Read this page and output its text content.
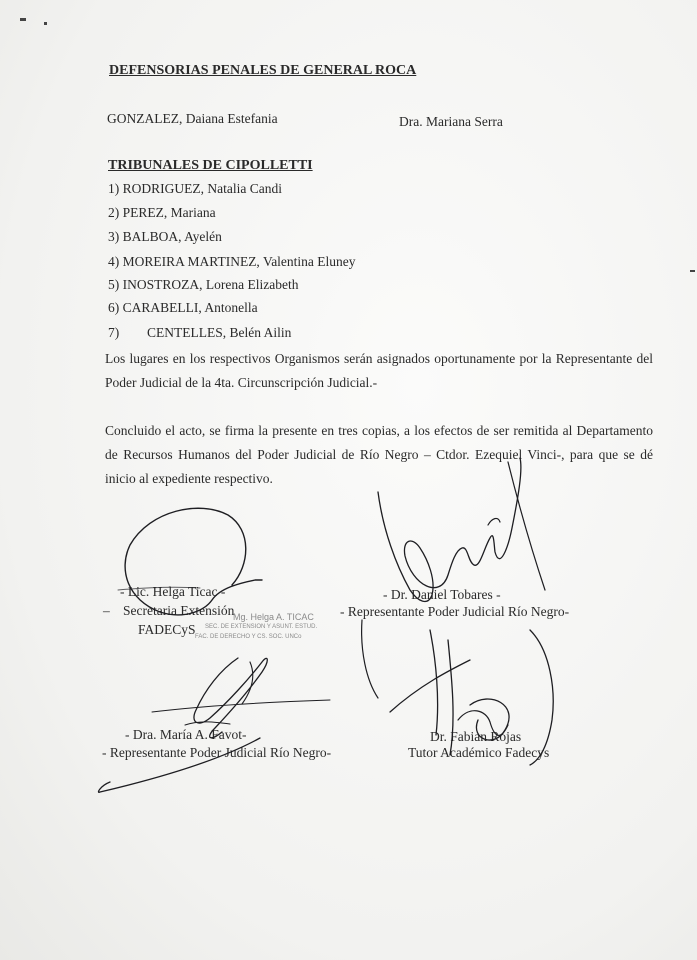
DEFENSORIAS PENALES DE GENERAL ROCA
GONZALEZ, Daiana Estefania	Dra. Mariana Serra
TRIBUNALES DE CIPOLLETTI
1) RODRIGUEZ, Natalia Candi
2) PEREZ, Mariana
3) BALBOA, Ayelén
4) MOREIRA MARTINEZ, Valentina Eluney
5) INOSTROZA, Lorena Elizabeth
6) CARABELLI, Antonella
7) CENTELLES, Belén Ailin
Los lugares en los respectivos Organismos serán asignados oportunamente por la Representante del Poder Judicial de la 4ta. Circunscripción Judicial.-
Concluido el acto, se firma la presente en tres copias, a los efectos de ser remitida al Departamento de Recursos Humanos del Poder Judicial de Río Negro – Ctdor. Ezequiel Vinci-, para que se dé inicio al expediente respectivo.
- Lic. Helga Ticac -
– Secretaria Extensión
FADECyS
Mg. Helga A. TICAC
SEC. DE EXTENSION Y ASUNT. ESTUD.
FAC. DE DERECHO Y CS. SOC. UNCo
- Dr. Daniel Tobares -
- Representante Poder Judicial Río Negro-
- Dra. María A. Favot-
- Representante Poder Judicial Río Negro-
Dr. Fabian Rojas
Tutor Académico Fadecys
